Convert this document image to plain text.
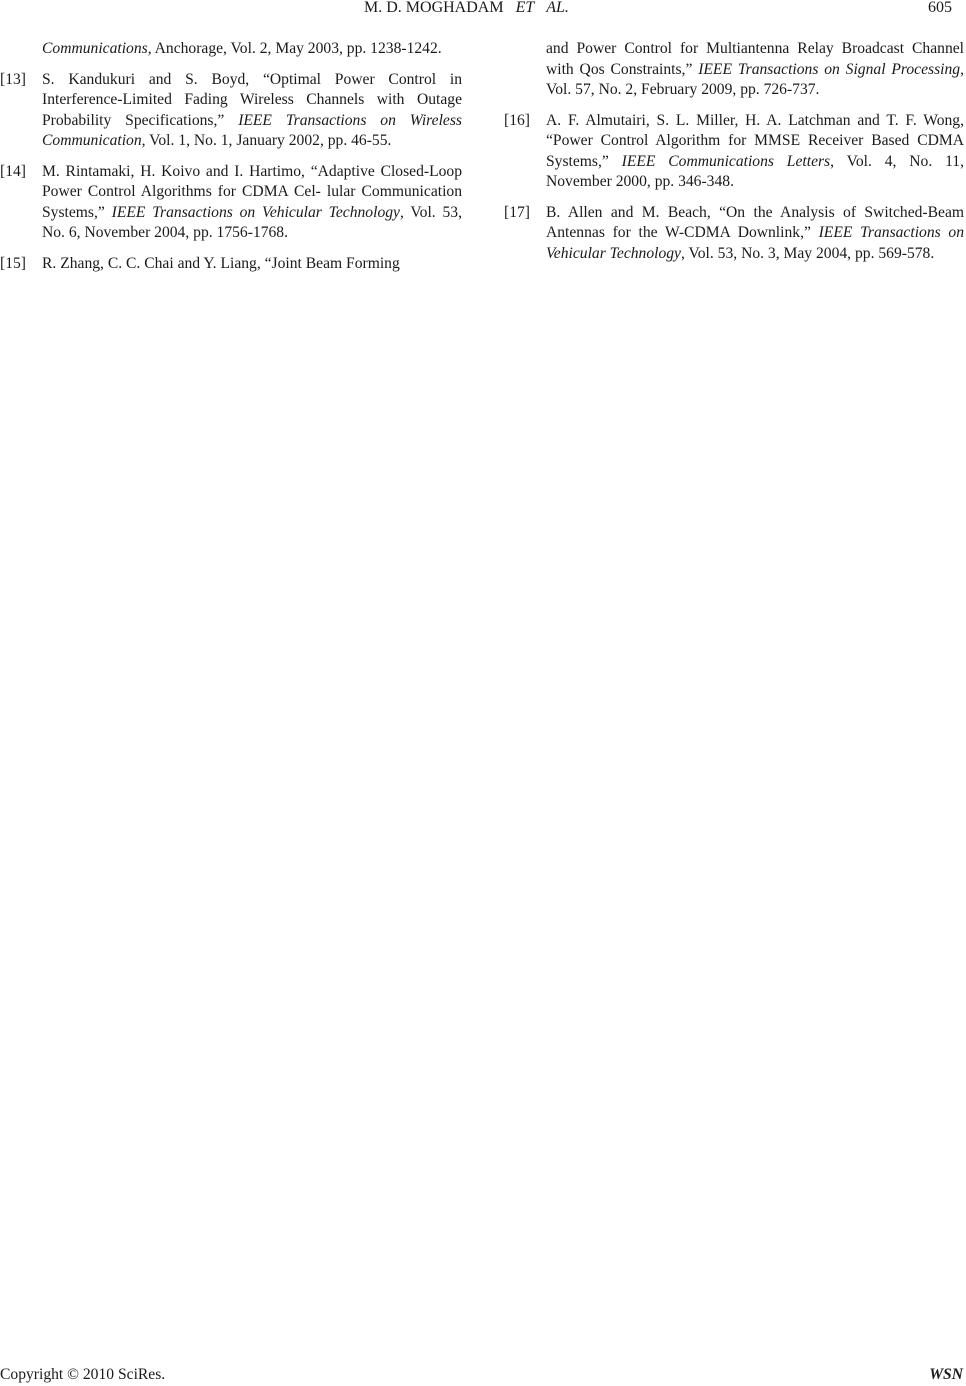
M. D. MOGHADAM ET AL.	605
Communications, Anchorage, Vol. 2, May 2003, pp. 1238-1242.
[13] S. Kandukuri and S. Boyd, “Optimal Power Control in Interference-Limited Fading Wireless Channels with Outage Probability Specifications,” IEEE Transactions on Wireless Communication, Vol. 1, No. 1, January 2002, pp. 46-55.
[14] M. Rintamaki, H. Koivo and I. Hartimo, “Adaptive Closed-Loop Power Control Algorithms for CDMA Cel- lular Communication Systems,” IEEE Transactions on Vehicular Technology, Vol. 53, No. 6, November 2004, pp. 1756-1768.
[15] R. Zhang, C. C. Chai and Y. Liang, “Joint Beam Forming
and Power Control for Multiantenna Relay Broadcast Channel with Qos Constraints,” IEEE Transactions on Signal Processing, Vol. 57, No. 2, February 2009, pp. 726-737.
[16] A. F. Almutairi, S. L. Miller, H. A. Latchman and T. F. Wong, “Power Control Algorithm for MMSE Receiver Based CDMA Systems,” IEEE Communications Letters, Vol. 4, No. 11, November 2000, pp. 346-348.
[17] B. Allen and M. Beach, “On the Analysis of Switched-Beam Antennas for the W-CDMA Downlink,” IEEE Transactions on Vehicular Technology, Vol. 53, No. 3, May 2004, pp. 569-578.
Copyright © 2010 SciRes.	WSN
